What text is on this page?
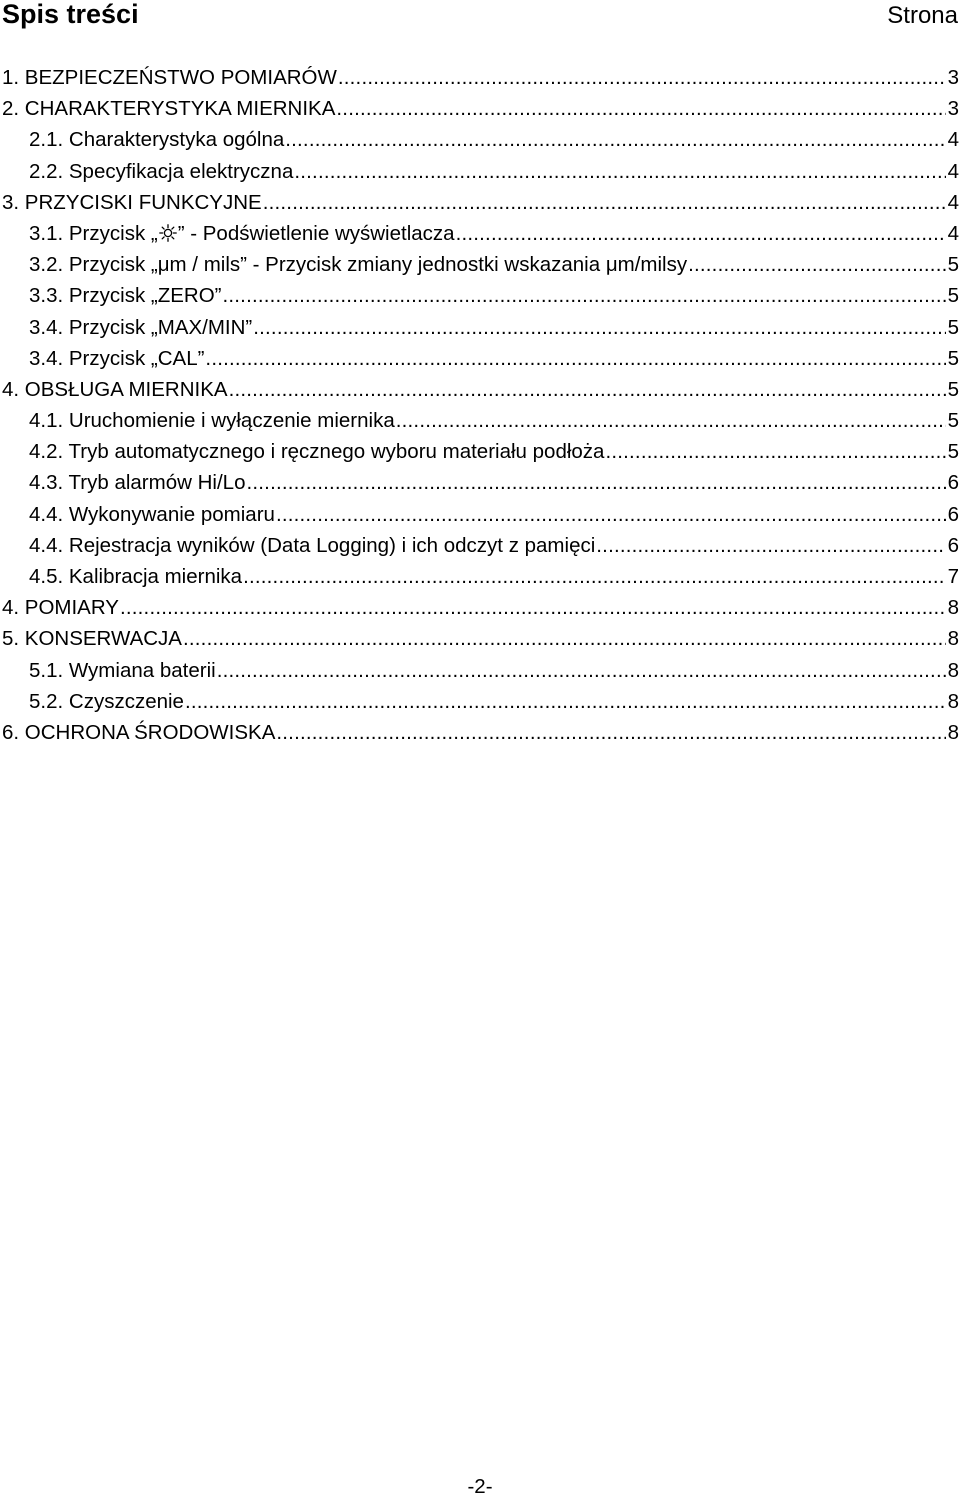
Spis treści	Strona
1. BEZPIECZEŃSTWO POMIARÓW .....	3
2. CHARAKTERYSTYKA MIERNIKA .....	3
2.1. Charakterystyka ogólna .....	4
2.2. Specyfikacja elektryczna .....	4
3. PRZYCISKI FUNKCYJNE .....	4
3.1. Przycisk „ ” - Podświetlenie wyświetlacza .....	4
3.2. Przycisk „μm / mils” - Przycisk zmiany jednostki wskazania μm/milsy .....	5
3.3. Przycisk „ZERO” .....	5
3.4. Przycisk „MAX/MIN” .....	5
3.4. Przycisk „CAL” .....	5
4. OBSŁUGA MIERNIKA .....	5
4.1. Uruchomienie i wyłączenie miernika .....	5
4.2. Tryb automatycznego i ręcznego wyboru materiału podłoża .....	5
4.3. Tryb alarmów Hi/Lo .....	6
4.4. Wykonywanie pomiaru .....	6
4.4. Rejestracja wyników (Data Logging) i ich odczyt z pamięci .....	6
4.5. Kalibracja miernika .....	7
4. POMIARY .....	8
5. KONSERWACJA .....	8
5.1. Wymiana baterii .....	8
5.2. Czyszczenie .....	8
6. OCHRONA ŚRODOWISKA .....	8
-2-
